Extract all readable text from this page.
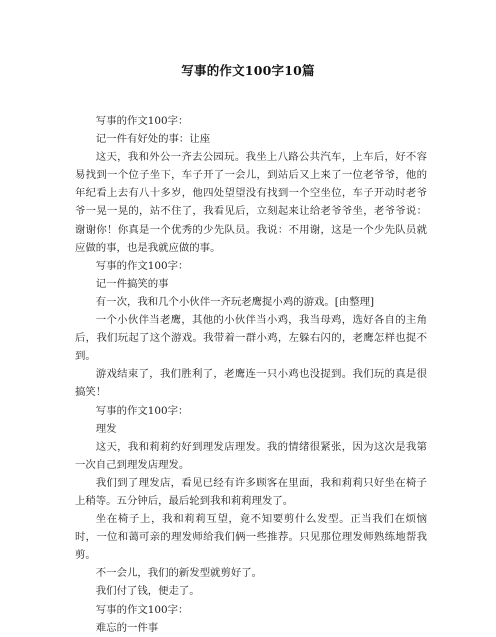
写事的作文100字10篇

写事的作文100字：

记一件有好处的事：让座

这天，我和外公一齐去公园玩。我坐上八路公共汽车，上车后，好不容易找到一个位子坐下，车子开了一会儿，到站后又上来了一位老爷爷，他的年纪看上去有八十多岁，他四处望望没有找到一个空坐位，车子开动时老爷爷一晃一晃的，站不住了，我看见后，立刻起来让给老爷爷坐，老爷爷说：谢谢你！你真是一个优秀的少先队员。我说：不用谢，这是一个少先队员就应做的事，也是我就应做的事。

写事的作文100字：

记一件搞笑的事

有一次，我和几个小伙伴一齐玩老鹰捉小鸡的游戏。[由整理]

一个小伙伴当老鹰，其他的小伙伴当小鸡，我当母鸡，选好各自的主角后，我们玩起了这个游戏。我带着一群小鸡，左躲右闪的，老鹰怎样也捉不到。

游戏结束了，我们胜利了，老鹰连一只小鸡也没捉到。我们玩的真是很搞笑！

写事的作文100字：

理发

这天，我和莉莉约好到理发店理发。我的情绪很紧张，因为这次是我第一次自己到理发店理发。

我们到了理发店，看见已经有许多顾客在里面，我和莉莉只好坐在椅子上稍等。五分钟后，最后轮到我和莉莉理发了。

坐在椅子上，我和莉莉互望，竟不知要剪什么发型。正当我们在烦恼时，一位和蔼可亲的理发师给我们俩一些推荐。只见那位理发师熟练地帮我剪。

不一会儿，我们的新发型就剪好了。

我们付了钱，便走了。

写事的作文100字：

难忘的一件事
